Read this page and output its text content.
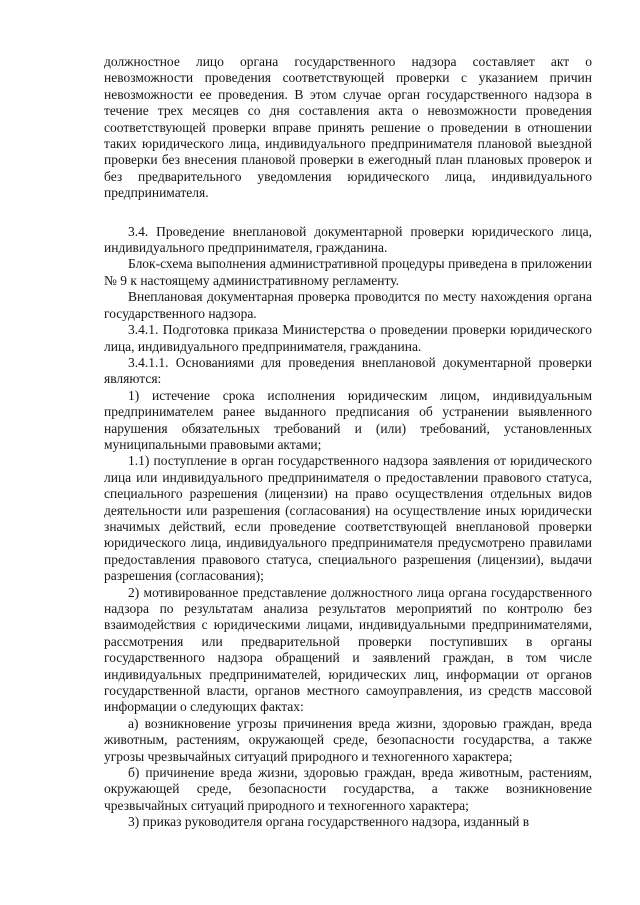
должностное лицо органа государственного надзора составляет акт о невозможности проведения соответствующей проверки с указанием причин невозможности ее проведения. В этом случае орган государственного надзора в течение трех месяцев со дня составления акта о невозможности проведения соответствующей проверки вправе принять решение о проведении в отношении таких юридического лица, индивидуального предпринимателя плановой выездной проверки без внесения плановой проверки в ежегодный план плановых проверок и без предварительного уведомления юридического лица, индивидуального предпринимателя.

3.4. Проведение внеплановой документарной проверки юридического лица, индивидуального предпринимателя, гражданина.

Блок-схема выполнения административной процедуры приведена в приложении № 9 к настоящему административному регламенту.

Внеплановая документарная проверка проводится по месту нахождения органа государственного надзора.

3.4.1. Подготовка приказа Министерства о проведении проверки юридического лица, индивидуального предпринимателя, гражданина.

3.4.1.1. Основаниями для проведения внеплановой документарной проверки являются:

1) истечение срока исполнения юридическим лицом, индивидуальным предпринимателем ранее выданного предписания об устранении выявленного нарушения обязательных требований и (или) требований, установленных муниципальными правовыми актами;

1.1) поступление в орган государственного надзора заявления от юридического лица или индивидуального предпринимателя о предоставлении правового статуса, специального разрешения (лицензии) на право осуществления отдельных видов деятельности или разрешения (согласования) на осуществление иных юридически значимых действий, если проведение соответствующей внеплановой проверки юридического лица, индивидуального предпринимателя предусмотрено правилами предоставления правового статуса, специального разрешения (лицензии), выдачи разрешения (согласования);

2) мотивированное представление должностного лица органа государственного надзора по результатам анализа результатов мероприятий по контролю без взаимодействия с юридическими лицами, индивидуальными предпринимателями, рассмотрения или предварительной проверки поступивших в органы государственного надзора обращений и заявлений граждан, в том числе индивидуальных предпринимателей, юридических лиц, информации от органов государственной власти, органов местного самоуправления, из средств массовой информации о следующих фактах:

а) возникновение угрозы причинения вреда жизни, здоровью граждан, вреда животным, растениям, окружающей среде, безопасности государства, а также угрозы чрезвычайных ситуаций природного и техногенного характера;

б) причинение вреда жизни, здоровью граждан, вреда животным, растениям, окружающей среде, безопасности государства, а также возникновение чрезвычайных ситуаций природного и техногенного характера;

3) приказ руководителя органа государственного надзора, изданный в
